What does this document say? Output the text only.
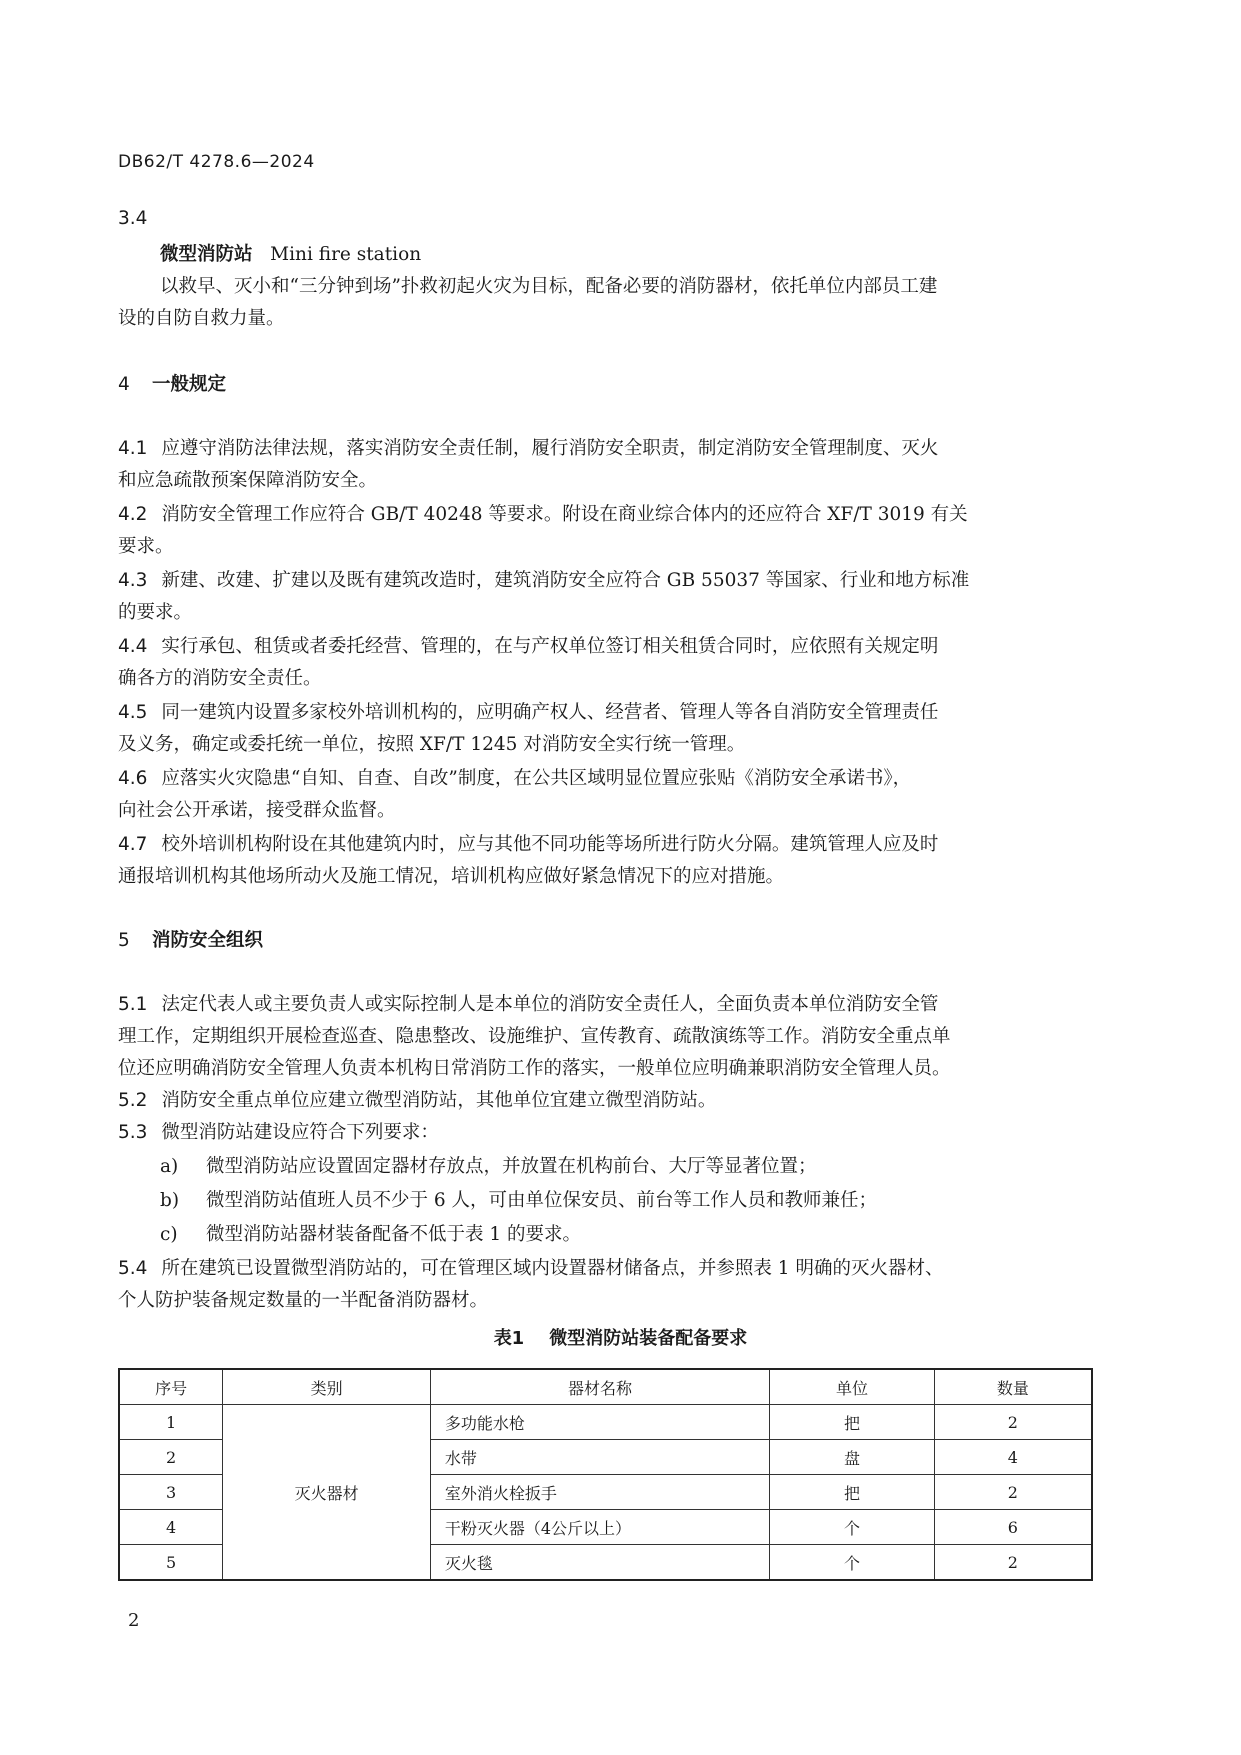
DB62/T 4278.6—2024
3.4
微型消防站 Mini fire station
以救早、灭小和“三分钟到场”扑救初起火灾为目标，配备必要的消防器材，依托单位内部员工建
设的自防自救力量。
4 一般规定
4.1 应遵守消防法律法规，落实消防安全责任制，履行消防安全职责，制定消防安全管理制度、灭火
和应急疏散预案保障消防安全。
4.2 消防安全管理工作应符合 GB/T 40248 等要求。附设在商业综合体内的还应符合 XF/T 3019 有关
要求。
4.3 新建、改建、扩建以及既有建筑改造时，建筑消防安全应符合 GB 55037 等国家、行业和地方标准
的要求。
4.4 实行承包、租赁或者委托经营、管理的，在与产权单位签订相关租赁合同时，应依照有关规定明
确各方的消防安全责任。
4.5 同一建筑内设置多家校外培训机构的，应明确产权人、经营者、管理人等各自消防安全管理责任
及义务，确定或委托统一单位，按照 XF/T 1245 对消防安全实行统一管理。
4.6 应落实火灾隐患“自知、自查、自改”制度，在公共区域明显位置应张贴《消防安全承诺书》，
向社会公开承诺，接受群众监督。
4.7 校外培训机构附设在其他建筑内时，应与其他不同功能等场所进行防火分隔。建筑管理人应及时
通报培训机构其他场所动火及施工情况，培训机构应做好紧急情况下的应对措施。
5 消防安全组织
5.1 法定代表人或主要负责人或实际控制人是本单位的消防安全责任人，全面负责本单位消防安全管
理工作，定期组织开展检查巡查、隐患整改、设施维护、宣传教育、疏散演练等工作。消防安全重点单
位还应明确消防安全管理人负责本机构日常消防工作的落实，一般单位应明确兼职消防安全管理人员。
5.2 消防安全重点单位应建立微型消防站，其他单位宜建立微型消防站。
5.3 微型消防站建设应符合下列要求：
a) 微型消防站应设置固定器材存放点，并放置在机构前台、大厅等显著位置；
b) 微型消防站值班人员不少于 6 人，可由单位保安员、前台等工作人员和教师兼任；
c) 微型消防站器材装备配备不低于表 1 的要求。
5.4 所在建筑已设置微型消防站的，可在管理区域内设置器材储备点，并参照表 1 明确的灭火器材、
个人防护装备规定数量的一半配备消防器材。
表1 微型消防站装备配备要求
序号	类别	器材名称	单位	数量
1	灭火器材	多功能水枪	把	2
2		水带	盘	4
3		室外消火栓扳手	把	2
4		干粉灭火器（4公斤以上）	个	6
5		灭火毯	个	2
2
